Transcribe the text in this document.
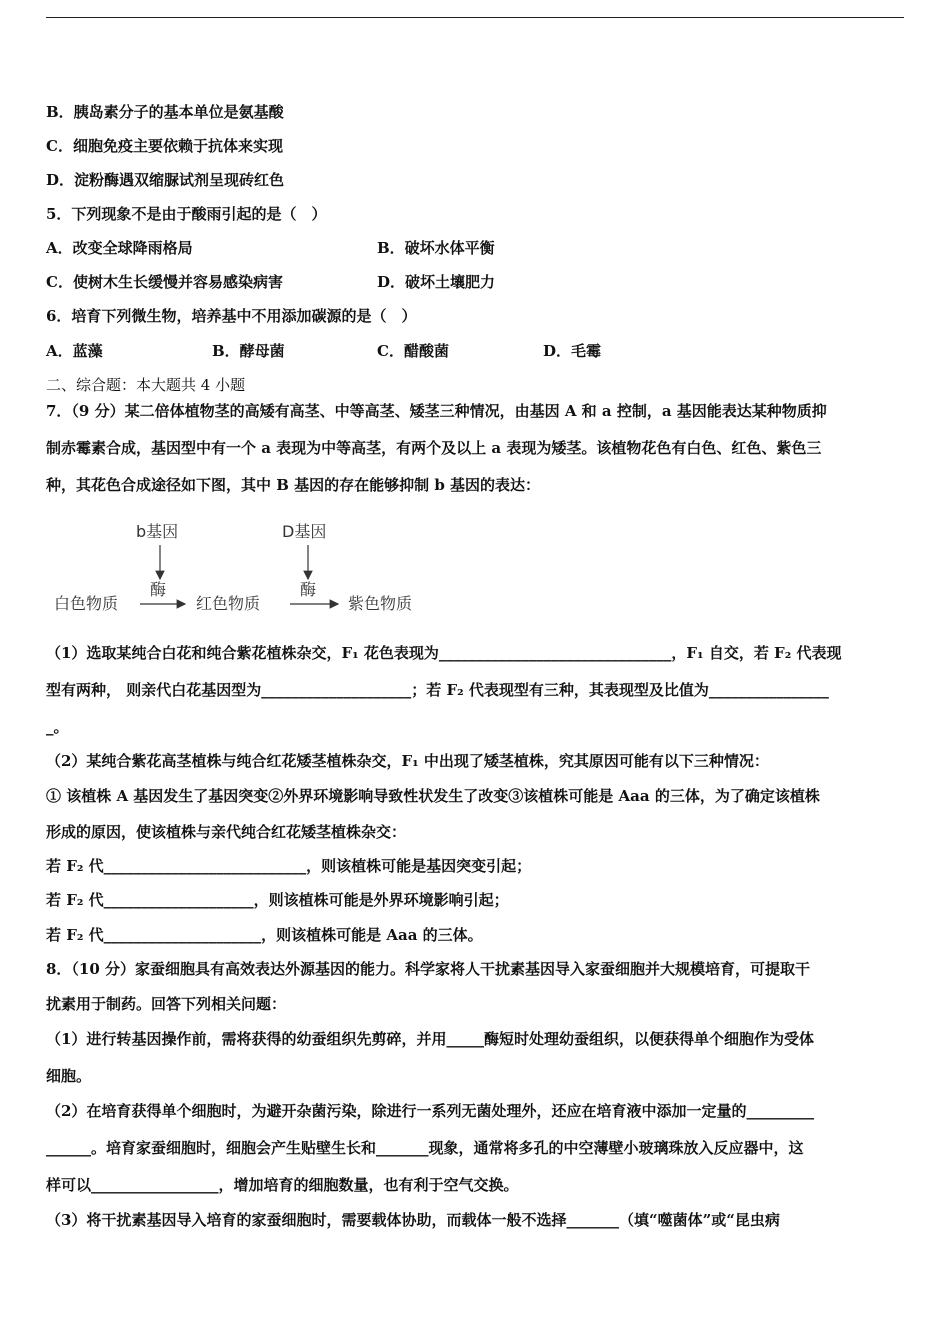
B．胰岛素分子的基本单位是氨基酸
C．细胞免疫主要依赖于抗体来实现
D．淀粉酶遇双缩脲试剂呈现砖红色
5．下列现象不是由于酸雨引起的是（　）
A．改变全球降雨格局	B．破坏水体平衡
C．使树木生长缓慢并容易感染病害	D．破坏土壤肥力
6．培育下列微生物，培养基中不用添加碳源的是（　）
A．蓝藻	B．酵母菌	C．醋酸菌	D．毛霉
二、综合题：本大题共 4 小题
7．（9 分）某二倍体植物茎的高矮有高茎、中等高茎、矮茎三种情况，由基因 A 和 a 控制，a 基因能表达某种物质抑
制赤霉素合成，基因型中有一个 a 表现为中等高茎，有两个及以上 a 表现为矮茎。该植物花色有白色、红色、紫色三
种，其花色合成途径如下图，其中 B 基因的存在能够抑制 b 基因的表达：
b基因	D基因
酶	酶
白色物质	红色物质	紫色物质
（1）选取某纯合白花和纯合紫花植株杂交，F₁ 花色表现为_______________________________，F₁ 自交，若 F₂ 代表现
型有两种， 则亲代白花基因型为____________________；若 F₂ 代表现型有三种，其表现型及比值为________________
_。
（2）某纯合紫花高茎植株与纯合红花矮茎植株杂交，F₁ 中出现了矮茎植株，究其原因可能有以下三种情况：
① 该植株 A 基因发生了基因突变②外界环境影响导致性状发生了改变③该植株可能是 Aaa 的三体，为了确定该植株
形成的原因，使该植株与亲代纯合红花矮茎植株杂交：
若 F₂ 代___________________________，则该植株可能是基因突变引起；
若 F₂ 代____________________，则该植株可能是外界环境影响引起；
若 F₂ 代_____________________，则该植株可能是 Aaa 的三体。
8．（10 分）家蚕细胞具有高效表达外源基因的能力。科学家将人干扰素基因导入家蚕细胞并大规模培育，可提取干
扰素用于制药。回答下列相关问题：
（1）进行转基因操作前，需将获得的幼蚕组织先剪碎，并用_____酶短时处理幼蚕组织，以便获得单个细胞作为受体
细胞。
（2）在培育获得单个细胞时，为避开杂菌污染，除进行一系列无菌处理外，还应在培育液中添加一定量的_________
______。培育家蚕细胞时，细胞会产生贴壁生长和_______现象，通常将多孔的中空薄壁小玻璃珠放入反应器中，这
样可以_________________，增加培育的细胞数量，也有利于空气交换。
（3）将干扰素基因导入培育的家蚕细胞时，需要载体协助，而载体一般不选择_______（填“噬菌体”或“昆虫病
